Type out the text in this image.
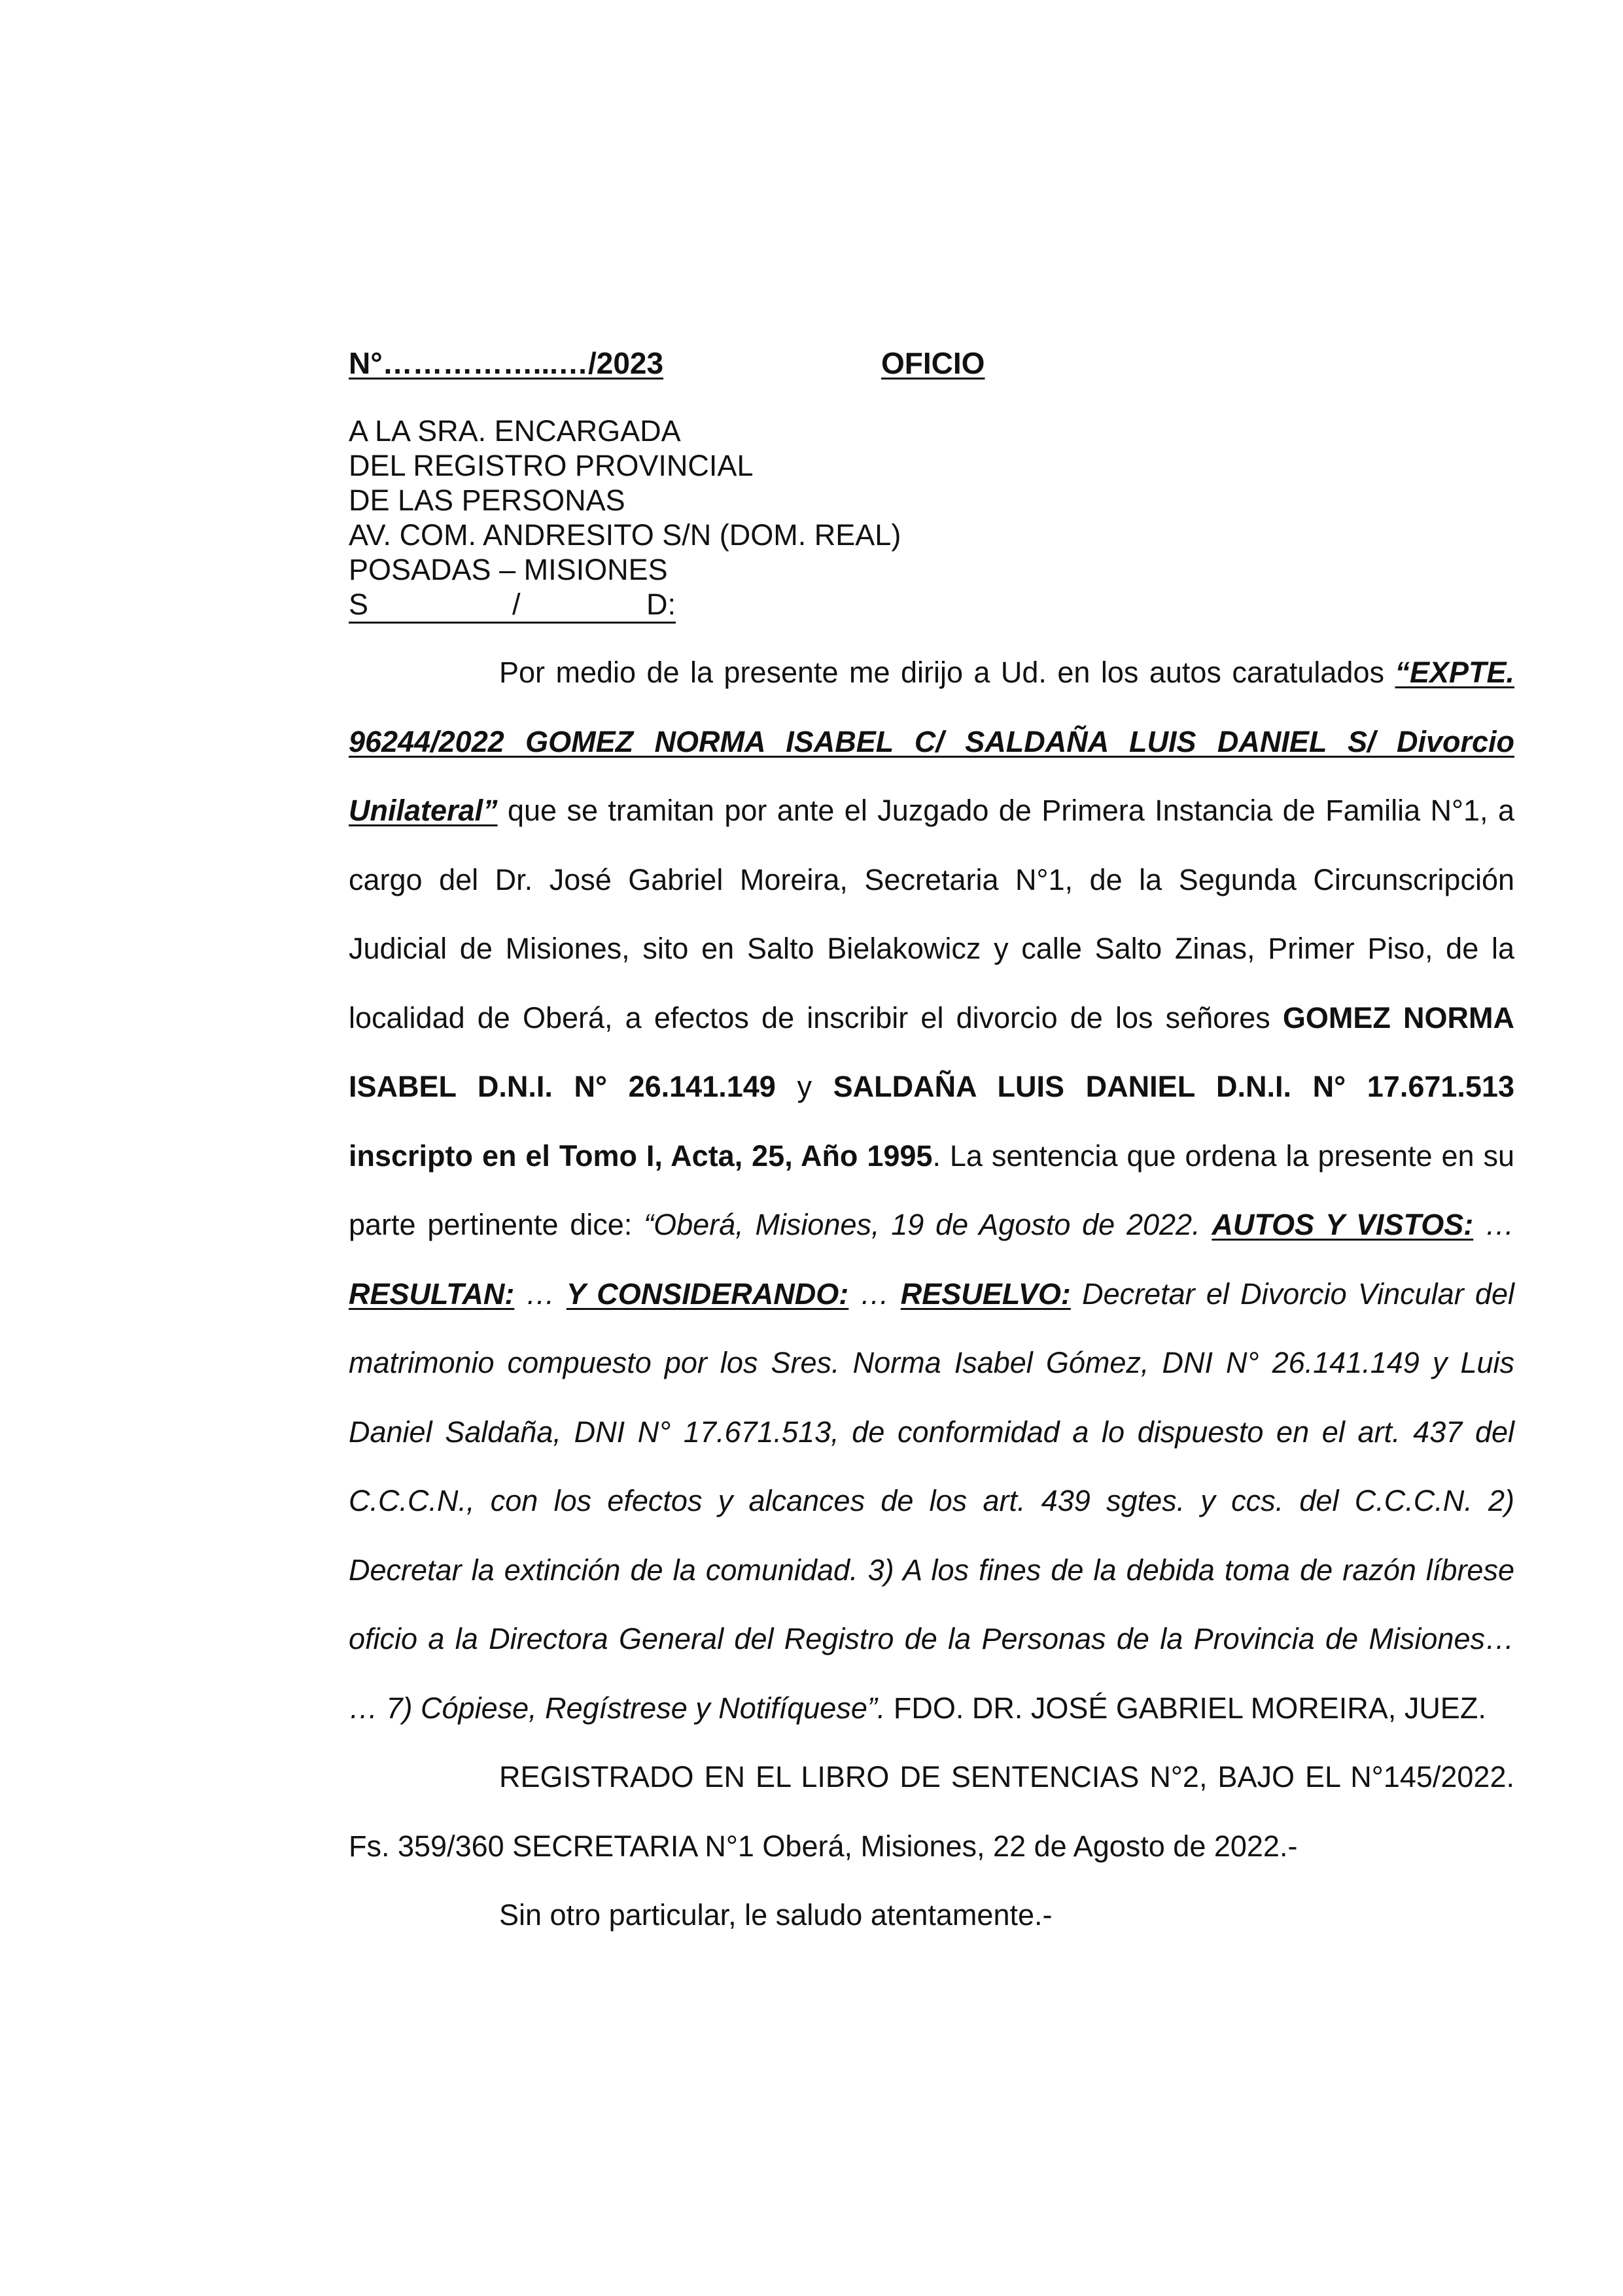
N°……………...…/2023	OFICIO
A LA SRA. ENCARGADA
DEL REGISTRO PROVINCIAL
DE LAS PERSONAS
AV. COM. ANDRESITO S/N (DOM. REAL)
POSADAS – MISIONES
S	/	D:

Por medio de la presente me dirijo a Ud. en los autos caratulados “EXPTE. 96244/2022 GOMEZ NORMA ISABEL C/ SALDAÑA LUIS DANIEL S/ Divorcio Unilateral” que se tramitan por ante el Juzgado de Primera Instancia de Familia N°1, a cargo del Dr. José Gabriel Moreira, Secretaria N°1, de la Segunda Circunscripción Judicial de Misiones, sito en Salto Bielakowicz y calle Salto Zinas, Primer Piso, de la localidad de Oberá, a efectos de inscribir el divorcio de los señores GOMEZ NORMA ISABEL D.N.I. N° 26.141.149 y SALDAÑA LUIS DANIEL D.N.I. N° 17.671.513 inscripto en el Tomo I, Acta, 25, Año 1995. La sentencia que ordena la presente en su parte pertinente dice: “Oberá, Misiones, 19 de Agosto de 2022. AUTOS Y VISTOS: … RESULTAN: … Y CONSIDERANDO: … RESUELVO: Decretar el Divorcio Vincular del matrimonio compuesto por los Sres. Norma Isabel Gómez, DNI N° 26.141.149 y Luis Daniel Saldaña, DNI N° 17.671.513, de conformidad a lo dispuesto en el art. 437 del C.C.C.N., con los efectos y alcances de los art. 439 sgtes. y ccs. del C.C.C.N. 2) Decretar la extinción de la comunidad. 3) A los fines de la debida toma de razón líbrese oficio a la Directora General del Registro de la Personas de la Provincia de Misiones… … 7) Cópiese, Regístrese y Notifíquese”. FDO. DR. JOSÉ GABRIEL MOREIRA, JUEZ.

REGISTRADO EN EL LIBRO DE SENTENCIAS N°2, BAJO EL N°145/2022. Fs. 359/360 SECRETARIA N°1 Oberá, Misiones, 22 de Agosto de 2022.-

Sin otro particular, le saludo atentamente.-
